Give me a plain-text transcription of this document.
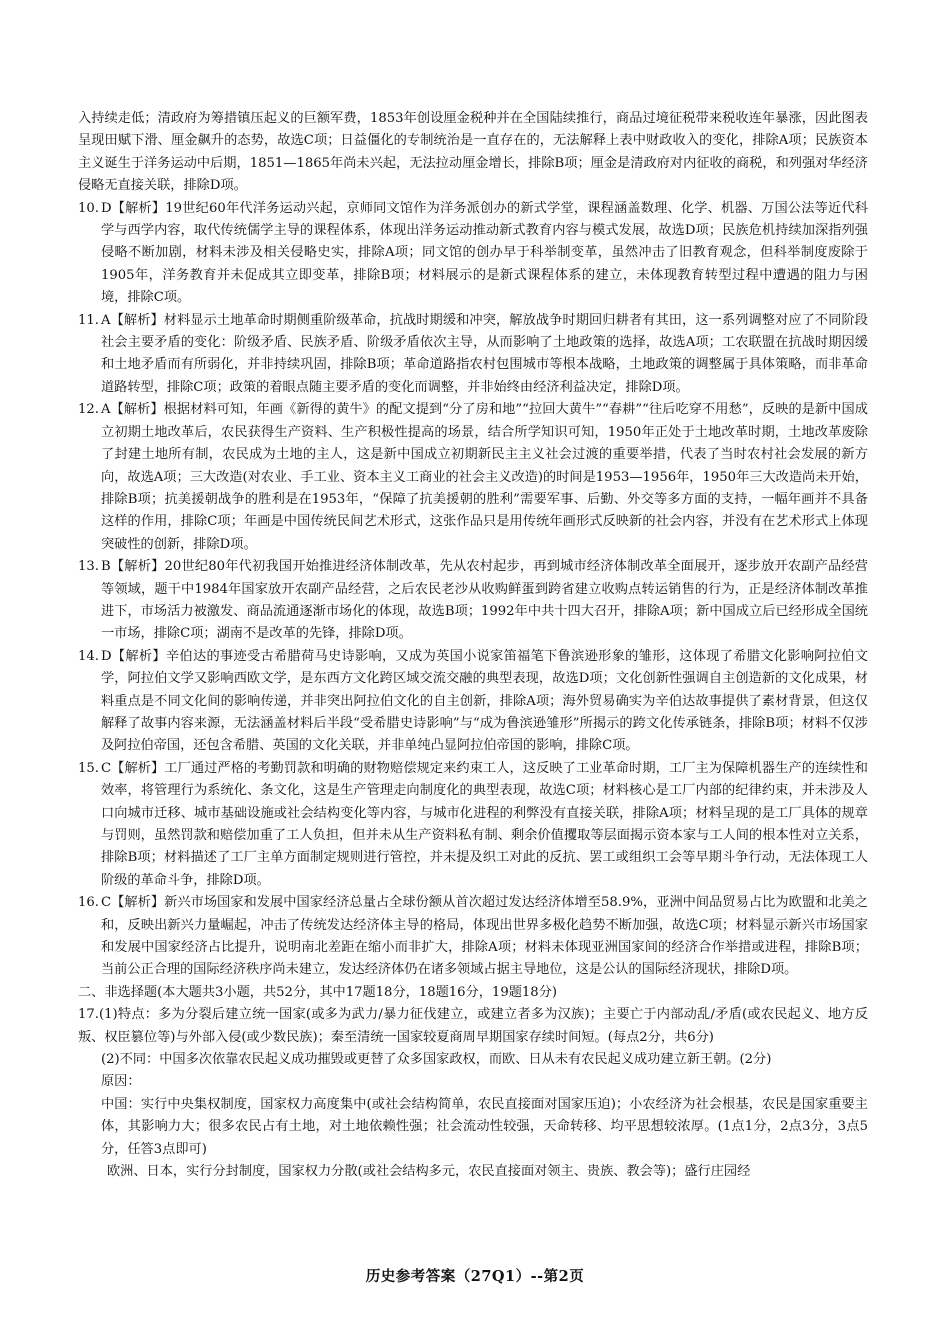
入持续走低；清政府为筹措镇压起义的巨额军费，1853年创设厘金税种并在全国陆续推行，商品过境征税带来税收连年暴涨，因此图表呈现田赋下滑、厘金飙升的态势，故选C项；日益僵化的专制统治是一直存在的，无法解释上表中财政收入的变化，排除A项；民族资本主义诞生于洋务运动中后期，1851—1865年尚未兴起，无法拉动厘金增长，排除B项；厘金是清政府对内征收的商税，和列强对华经济侵略无直接关联，排除D项。

10. D【解析】19世纪60年代洋务运动兴起，京师同文馆作为洋务派创办的新式学堂，课程涵盖数理、化学、机器、万国公法等近代科学与西学内容，取代传统儒学主导的课程体系，体现出洋务运动推动新式教育内容与模式发展，故选D项；民族危机持续加深指列强侵略不断加剧，材料未涉及相关侵略史实，排除A项；同文馆的创办早于科举制变革，虽然冲击了旧教育观念，但科举制度废除于1905年，洋务教育并未促成其立即变革，排除B项；材料展示的是新式课程体系的建立，未体现教育转型过程中遭遇的阻力与困境，排除C项。
11. A【解析】材料显示土地革命时期侧重阶级革命，抗战时期缓和冲突，解放战争时期回归耕者有其田，这一系列调整对应了不同阶段社会主要矛盾的变化：阶级矛盾、民族矛盾、阶级矛盾依次主导，从而影响了土地政策的选择，故选A项；工农联盟在抗战时期因缓和土地矛盾而有所弱化，并非持续巩固，排除B项；革命道路指农村包围城市等根本战略，土地政策的调整属于具体策略，而非革命道路转型，排除C项；政策的着眼点随主要矛盾的变化而调整，并非始终由经济利益决定，排除D项。
12. A【解析】根据材料可知，年画《新得的黄牛》的配文提到“分了房和地”“拉回大黄牛”“春耕”“往后吃穿不用愁”，反映的是新中国成立初期土地改革后，农民获得生产资料、生产积极性提高的场景，结合所学知识可知，1950年正处于土地改革时期，土地改革废除了封建土地所有制，农民成为土地的主人，这是新中国成立初期新民主主义社会过渡的重要举措，代表了当时农村社会发展的新方向，故选A项；三大改造(对农业、手工业、资本主义工商业的社会主义改造)的时间是1953—1956年，1950年三大改造尚未开始，排除B项；抗美援朝战争的胜利是在1953年，“保障了抗美援朝的胜利”需要军事、后勤、外交等多方面的支持，一幅年画并不具备这样的作用，排除C项；年画是中国传统民间艺术形式，这张作品只是用传统年画形式反映新的社会内容，并没有在艺术形式上体现突破性的创新，排除D项。
13. B【解析】20世纪80年代初我国开始推进经济体制改革，先从农村起步，再到城市经济体制改革全面展开，逐步放开农副产品经营等领域，题干中1984年国家放开农副产品经营，之后农民老沙从收购鲜蛋到跨省建立收购点转运销售的行为，正是经济体制改革推进下，市场活力被激发、商品流通逐渐市场化的体现，故选B项；1992年中共十四大召开，排除A项；新中国成立后已经形成全国统一市场，排除C项；湖南不是改革的先锋，排除D项。
14. D【解析】辛伯达的事迹受古希腊荷马史诗影响，又成为英国小说家笛福笔下鲁滨逊形象的雏形，这体现了希腊文化影响阿拉伯文学，阿拉伯文学又影响西欧文学，是东西方文化跨区域交流交融的典型表现，故选D项；文化创新性强调自主创造新的文化成果，材料重点是不同文化间的影响传递，并非突出阿拉伯文化的自主创新，排除A项；海外贸易确实为辛伯达故事提供了素材背景，但这仅解释了故事内容来源，无法涵盖材料后半段“受希腊史诗影响”与“成为鲁滨逊雏形”所揭示的跨文化传承链条，排除B项；材料不仅涉及阿拉伯帝国，还包含希腊、英国的文化关联，并非单纯凸显阿拉伯帝国的影响，排除C项。
15. C【解析】工厂通过严格的考勤罚款和明确的财物赔偿规定来约束工人，这反映了工业革命时期，工厂主为保障机器生产的连续性和效率，将管理行为系统化、条文化，这是生产管理走向制度化的典型表现，故选C项；材料核心是工厂内部的纪律约束，并未涉及人口向城市迁移、城市基础设施或社会结构变化等内容，与城市化进程的利弊没有直接关联，排除A项；材料呈现的是工厂具体的规章与罚则，虽然罚款和赔偿加重了工人负担，但并未从生产资料私有制、剩余价值攫取等层面揭示资本家与工人间的根本性对立关系，排除B项；材料描述了工厂主单方面制定规则进行管控，并未提及织工对此的反抗、罢工或组织工会等早期斗争行动，无法体现工人阶级的革命斗争，排除D项。
16. C【解析】新兴市场国家和发展中国家经济总量占全球份额从首次超过发达经济体增至58.9%，亚洲中间品贸易占比为欧盟和北美之和，反映出新兴力量崛起，冲击了传统发达经济体主导的格局，体现出世界多极化趋势不断加强，故选C项；材料显示新兴市场国家和发展中国家经济占比提升，说明南北差距在缩小而非扩大，排除A项；材料未体现亚洲国家间的经济合作举措或进程，排除B项；当前公正合理的国际经济秩序尚未建立，发达经济体仍在诸多领域占据主导地位，这是公认的国际经济现状，排除D项。

二、非选择题(本大题共3小题，共52分，其中17题18分，18题16分，19题18分)

17.(1)特点：多为分裂后建立统一国家(或多为武力/暴力征伐建立，或建立者多为汉族)；主要亡于内部动乱/矛盾(或农民起义、地方反叛、权臣篡位等)与外部入侵(或少数民族)；秦至清统一国家较夏商周早期国家存续时间短。(每点2分，共6分)

(2)不同：中国多次依靠农民起义成功摧毁或更替了众多国家政权，而欧、日从未有农民起义成功建立新王朝。(2分)

原因：

中国：实行中央集权制度，国家权力高度集中(或社会结构简单，农民直接面对国家压迫)；小农经济为社会根基，农民是国家重要主体，其影响力大；很多农民占有土地，对土地依赖性强；社会流动性较强，天命转移、均平思想较浓厚。(1点1分，2点3分，3点5分，任答3点即可)

欧洲、日本，实行分封制度，国家权力分散(或社会结构多元，农民直接面对领主、贵族、教会等)；盛行庄园经

历史参考答案（27Q1）--第2页
